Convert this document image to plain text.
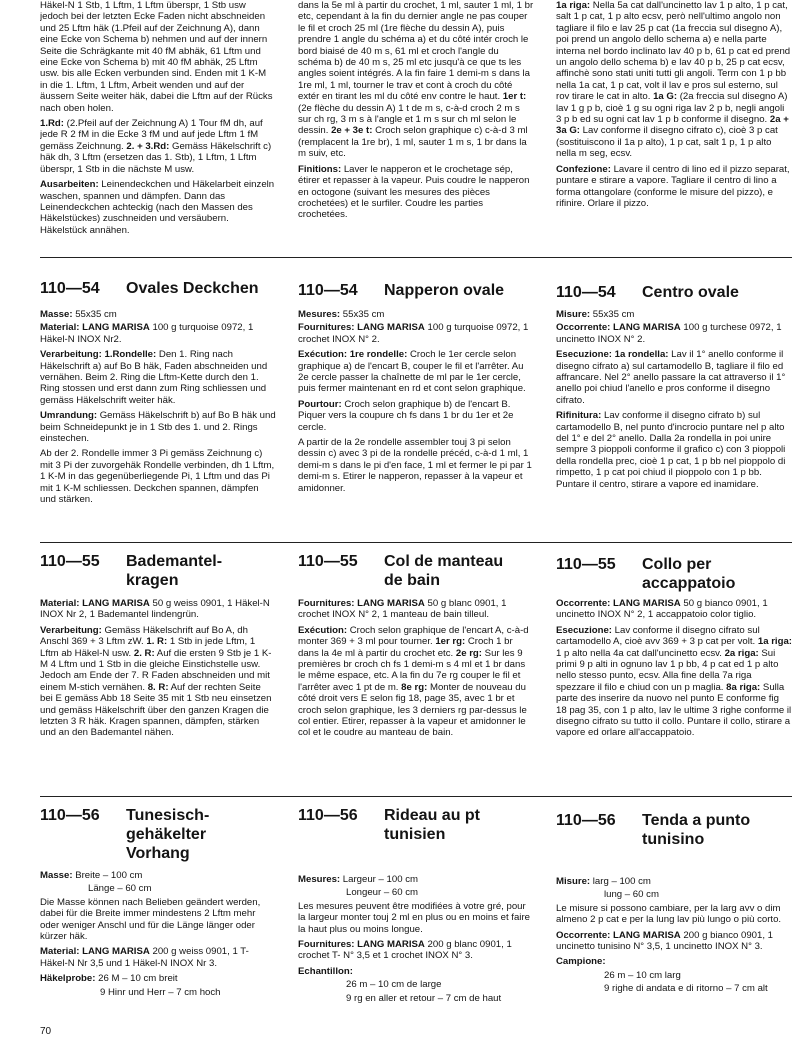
Häkel-N 1 Stb, 1 Lftm, 1 Lftm überspr, 1 Stb usw jedoch bei der letzten Ecke Faden nicht abschneiden und 25 Lftm häk (1.Pfeil auf der Zeichnung A), dann eine Ecke von Schema b) nehmen und auf der innern Seite die Schrägkante mit 40 fM abhäk, 61 Lftm und eine Ecke von Schema b) mit 40 fM abhäk, 25 Lftm usw. bis alle Ecken verbunden sind. Enden mit 1 K-M in die 1. Lftm, 1 Lftm, Arbeit wenden und auf der äussern Seite weiter häk, dabei die Lftm auf der Rücks nach oben holen.

1.Rd: (2.Pfeil auf der Zeichnung A) 1 Tour fM dh, auf jede R 2 fM in die Ecke 3 fM und auf jede Lftm 1 fM gemäss Zeichnung. 2. + 3.Rd: Gemäss Häkelschrift c) häk dh, 3 Lftm (ersetzen das 1. Stb), 1 Lftm, 1 Lftm überspr, 1 Stb in die nächste M usw.

Ausarbeiten: Leinendeckchen und Häkelarbeit einzeln waschen, spannen und dämpfen. Dann das Leinendeckchen achteckig (nach den Massen des Häkelstückes) zuschneiden und versäubern. Häkelstück annähen.

dans la 5e ml à partir du crochet, 1 ml, sauter 1 ml, 1 br etc, cependant à la fin du dernier angle ne pas couper le fil et croch 25 ml (1re flèche du dessin A), puis prendre 1 angle du schéma a) et du côté intér croch le bord biaisé de 40 m s, 61 ml et croch l'angle du schéma b) de 40 m s, 25 ml etc jusqu'à ce que ts les angles soient intégrés. A la fin faire 1 demi-m s dans la 1re ml, 1 ml, tourner le trav et cont à croch du côté extér en tirant les ml du côté env contre le haut. 1er t: (2e flèche du dessin A) 1 t de m s, c-à-d croch 2 m s sur ch rg, 3 m s à l'angle et 1 m s sur ch ml selon le dessin. 2e + 3e t: Croch selon graphique c) c-à-d 3 ml (remplacent la 1re br), 1 ml, sauter 1 m s, 1 br dans la m suiv, etc.

Finitions: Laver le napperon et le crochetage sép, étirer et repasser à la vapeur. Puis coudre le napperon en octogone (suivant les mesures des pièces crochetées) et le surfiler. Coudre les parties crochetées.

1a riga: Nella 5a cat dall'uncinetto lav 1 p alto, 1 p cat, salt 1 p cat, 1 p alto ecsv, però nell'ultimo angolo non tagliare il filo e lav 25 p cat (1a freccia sul disegno A), poi prend un angolo dello schema a) e nella parte interna nel bordo inclinato lav 40 p b, 61 p cat ed prend un angolo dello schema b) e lav 40 p b, 25 p cat ecsv, affinchè sono stati uniti tutti gli angoli. Term con 1 p bb nella 1a cat, 1 p cat, volt il lav e pros sul esterno, sul rov tirare le cat in alto. 1a G: (2a freccia sul disegno A) lav 1 g p b, cioè 1 g su ogni riga lav 2 p b, negli angoli 3 p b ed su ogni cat lav 1 p b conforme il disegno. 2a + 3a G: Lav conforme il disegno cifrato c), cioè 3 p cat (sostituiscono il 1a p alto), 1 p cat, salt 1 p, 1 p alto nella m seg, ecsv.

Confezione: Lavare il centro di lino ed il pizzo separat, puntare e stirare a vapore. Tagliare il centro di lino a forma ottangolare (conforme le misure del pizzo), e rifinire. Orlare il pizzo.

110—54 Ovales Deckchen 110—54 Napperon ovale	110—54 Centro ovale

Masse: 55x35 cm

Material: LANG MARISA 100 g turquoise 0972, 1 Häkel-N INOX Nr2.

Verarbeitung: 1.Rondelle: Den 1. Ring nach Häkelschrift a) auf Bo B häk, Faden abschneiden und vernähen. Beim 2. Ring die Lftm-Kette durch den 1. Ring stossen und erst dann zum Ring schliessen und gemäss Häkelschrift weiter häk.

Umrandung: Gemäss Häkelschrift b) auf Bo B häk und beim Schneidepunkt je in 1 Stb des 1. und 2. Rings einstechen.

Ab der 2. Rondelle immer 3 Pi gemäss Zeichnung c) mit 3 Pi der zuvorgehäk Rondelle verbinden, dh 1 Lftm, 1 K-M in das gegenüberliegende Pi, 1 Lftm und das Pi mit 1 K-M schliessen. Deckchen spannen, dämpfen und stärken.

Mesures: 55x35 cm

Fournitures: LANG MARISA 100 g turquoise 0972, 1 crochet INOX N° 2.

Exécution: 1re rondelle: Croch le 1er cercle selon graphique a) de l'encart B, couper le fil et l'arrêter. Au 2e cercle passer la chaînette de ml par le 1er cercle, puis fermer maintenant en rd et cont selon graphique.

Pourtour: Croch selon graphique b) de l'encart B. Piquer vers la coupure ch fs dans 1 br du 1er et 2e cercle.

A partir de la 2e rondelle assembler touj 3 pi selon dessin c) avec 3 pi de la rondelle précéd, c-à-d 1 ml, 1 demi-m s dans le pi d'en face, 1 ml et fermer le pi par 1 demi-m s. Etirer le napperon, repasser à la vapeur et amidonner.

Misure: 55x35 cm

Occorrente: LANG MARISA 100 g turchese 0972, 1 uncinetto INOX N° 2.

Esecuzione: 1a rondella: Lav il 1° anello conforme il disegno cifrato a) sul cartamodello B, tagliare il filo ed affrancare. Nel 2° anello passare la cat attraverso il 1° anello poi chiud l'anello e pros conforme il disegno cifrato.

Rifinitura: Lav conforme il disegno cifrato b) sul cartamodello B, nel punto d'incrocio puntare nel p alto del 1° e del 2° anello. Dalla 2a rondella in poi unire sempre 3 pioppoli conforme il grafico c) con 3 pioppoli della rondella prec, cioè 1 p cat, 1 p bb nel pioppolo di rimpetto, 1 p cat poi chiud il pioppolo con 1 p bb. Puntare il centro, stirare a vapore ed inamidare.

110—55 Bademantel-kragen
110—55 Col de manteau de bain
110—55 Collo per accappatoio

Material: LANG MARISA 50 g weiss 0901, 1 Häkel-N INOX Nr 2, 1 Bademantel lindengrün.

Verarbeitung: Gemäss Häkelschrift auf Bo A, dh Anschl 369 + 3 Lftm zW. 1. R: 1 Stb in jede Lftm, 1 Lftm ab Häkel-N usw. 2. R: Auf die ersten 9 Stb je 1 K-M 4 Lftm und 1 Stb in die gleiche Einstichstelle usw. Jedoch am Ende der 7. R Faden abschneiden und mit einem M-stich vernähen. 8. R: Auf der rechten Seite bei E gemäss Abb 18 Seite 35 mit 1 Stb neu einsetzen und gemäss Häkelschrift über den ganzen Kragen die letzten 3 R häk. Kragen spannen, dämpfen, stärken und an den Bademantel nähen.

Fournitures: LANG MARISA 50 g blanc 0901, 1 crochet INOX N° 2, 1 manteau de bain tilleul.

Exécution: Croch selon graphique de l'encart A, c-à-d monter 369 + 3 ml pour tourner. 1er rg: Croch 1 br dans la 4e ml à partir du crochet etc. 2e rg: Sur les 9 premières br croch ch fs 1 demi-m s 4 ml et 1 br dans le même espace, etc. A la fin du 7e rg couper le fil et l'arrêter avec 1 pt de m. 8e rg: Monter de nouveau du côté droit vers E selon fig 18, page 35, avec 1 br et croch selon graphique, les 3 derniers rg par-dessus le col entier. Etirer, repasser à la vapeur et amidonner le col et le coudre au manteau de bain.

Occorrente: LANG MARISA 50 g bianco 0901, 1 uncinetto INOX N° 2, 1 accappatoio color tiglio.

Esecuzione: Lav conforme il disegno cifrato sul cartamodello A, cioè avv 369 + 3 p cat per volt. 1a riga: 1 p alto nella 4a cat dall'uncinetto ecsv. 2a riga: Sui primi 9 p alti in ognuno lav 1 p bb, 4 p cat ed 1 p alto nello stesso punto, ecsv. Alla fine della 7a riga spezzare il filo e chiud con un p maglia. 8a riga: Sulla parte des inserire da nuovo nel punto E conforme fig 18 pag 35, con 1 p alto, lav le ultime 3 righe conforme il disegno cifrato su tutto il collo. Puntare il collo, stirare a vapore ed orlare all'accappatoio.

110—56 Tunesisch-gehäkelter Vorhang
110—56 Rideau au pt tunisien
110—56 Tenda a punto tunisino

Masse: Breite – 100 cm

Länge – 60 cm

Die Masse können nach Belieben geändert werden, dabei für die Breite immer mindestens 2 Lftm mehr oder weniger Anschl und für die Länge länger oder kürzer häk.

Material: LANG MARISA 200 g weiss 0901, 1 T-Häkel-N Nr 3,5 und 1 Häkel-N INOX Nr 3.

Häkelprobe: 26 M – 10 cm breit

9 Hinr und Herr – 7 cm hoch

Mesures: Largeur – 100 cm

Longeur – 60 cm

Les mesures peuvent être modifiées à votre gré, pour la largeur monter touj 2 ml en plus ou en moins et faire la haut plus ou moins longue.

Fournitures: LANG MARISA 200 g blanc 0901, 1 crochet T- N° 3,5 et 1 crochet INOX N° 3.

Echantillon:

26 m – 10 cm de large

9 rg en aller et retour – 7 cm de haut

Misure: larg – 100 cm

lung – 60 cm

Le misure si possono cambiare, per la larg avv o dim almeno 2 p cat e per la lung lav più lungo o più corto.

Occorrente: LANG MARISA 200 g bianco 0901, 1 uncinetto tunisino N° 3,5, 1 uncinetto INOX N° 3.

Campione:

26 m – 10 cm larg

9 righe di andata e di ritorno – 7 cm alt

70
